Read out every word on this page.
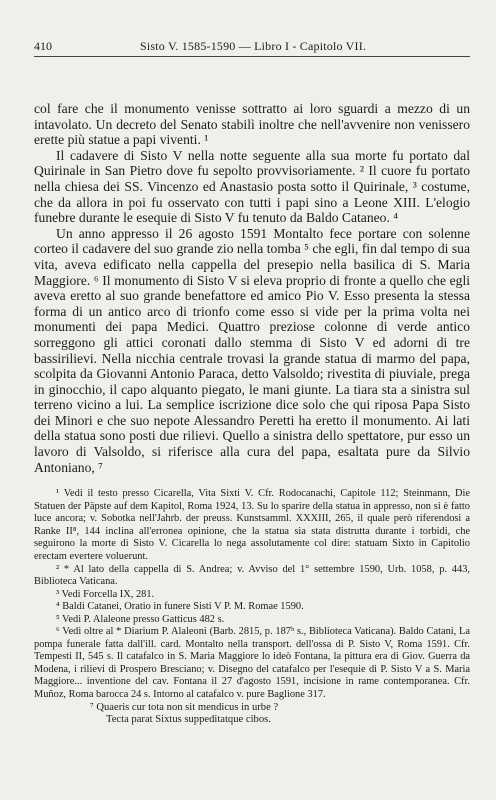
410	Sisto V. 1585-1590 — Libro I - Capitolo VII.

col fare che il monumento venisse sottratto ai loro sguardi a mezzo di un intavolato. Un decreto del Senato stabilì inoltre che nell'avvenire non venissero erette più statue a papi viventi. ¹

Il cadavere di Sisto V nella notte seguente alla sua morte fu portato dal Quirinale in San Pietro dove fu sepolto provvisoriamente. ² Il cuore fu portato nella chiesa dei SS. Vincenzo ed Anastasio posta sotto il Quirinale, ³ costume, che da allora in poi fu osservato con tutti i papi sino a Leone XIII. L'elogio funebre durante le esequie di Sisto V fu tenuto da Baldo Cataneo. ⁴

Un anno appresso il 26 agosto 1591 Montalto fece portare con solenne corteo il cadavere del suo grande zio nella tomba ⁵ che egli, fin dal tempo di sua vita, aveva edificato nella cappella del presepio nella basilica di S. Maria Maggiore. ⁶ Il monumento di Sisto V si eleva proprio di fronte a quello che egli aveva eretto al suo grande benefattore ed amico Pio V. Esso presenta la stessa forma di un antico arco di trionfo come esso si vide per la prima volta nei monumenti dei papa Medici. Quattro preziose colonne di verde antico sorreggono gli attici coronati dallo stemma di Sisto V ed adorni di tre bassirilievi. Nella nicchia centrale trovasi la grande statua di marmo del papa, scolpita da Giovanni Antonio Paraca, detto Valsoldo; rivestita di piuviale, prega in ginocchio, il capo alquanto piegato, le mani giunte. La tiara sta a sinistra sul terreno vicino a lui. La semplice iscrizione dice solo che qui riposa Papa Sisto dei Minori e che suo nepote Alessandro Peretti ha eretto il monumento. Ai lati della statua sono posti due rilievi. Quello a sinistra dello spettatore, pur esso un lavoro di Valsoldo, si riferisce alla cura del papa, esaltata pure da Silvio Antoniano, ⁷

¹ Vedi il testo presso Cicarella, Vita Sixti V. Cfr. Rodocanachi, Capitole 112; Steinmann, Die Statuen der Päpste auf dem Kapitol, Roma 1924, 13. Su lo sparire della statua in appresso, non si è fatto luce ancora; v. Sobotka nell'Jahrb. der preuss. Kunstsamml. XXXIII, 265, il quale però riferendosi a Ranke II⁸, 144 inclina all'erronea opinione, che la statua sia stata distrutta durante i torbidi, che seguirono la morte di Sisto V. Cicarella lo nega assolutamente col dire: statuam Sixto in Capitolio erectam evertere voluerunt.

² * Al lato della cappella di S. Andrea; v. Avviso del 1° settembre 1590, Urb. 1058, p. 443, Biblioteca Vaticana.

³ Vedi Forcella IX, 281.

⁴ Baldi Catanei, Oratio in funere Sisti V P. M. Romae 1590.

⁵ Vedi P. Alaleone presso Gatticus 482 s.

⁶ Vedi oltre al * Diarium P. Alaleoni (Barb. 2815, p. 187ᵇ s., Biblioteca Vaticana). Baldo Catani, La pompa funerale fatta dall'ill. card. Montalto nella transport. dell'ossa di P. Sisto V, Roma 1591. Cfr. Tempesti II, 545 s. Il catafalco in S. Maria Maggiore lo ideò Fontana, la pittura era di Giov. Guerra da Modena, i rilievi di Prospero Bresciano; v. Disegno del catafalco per l'esequie di P. Sisto V a S. Maria Maggiore... inventione del cav. Fontana il 27 d'agosto 1591, incisione in rame contemporanea. Cfr. Muñoz, Roma barocca 24 s. Intorno al catafalco v. pure Baglione 317.

⁷ Quaeris cur tota non sit mendicus in urbe ?

Tecta parat Sixtus suppeditatque cibos.
